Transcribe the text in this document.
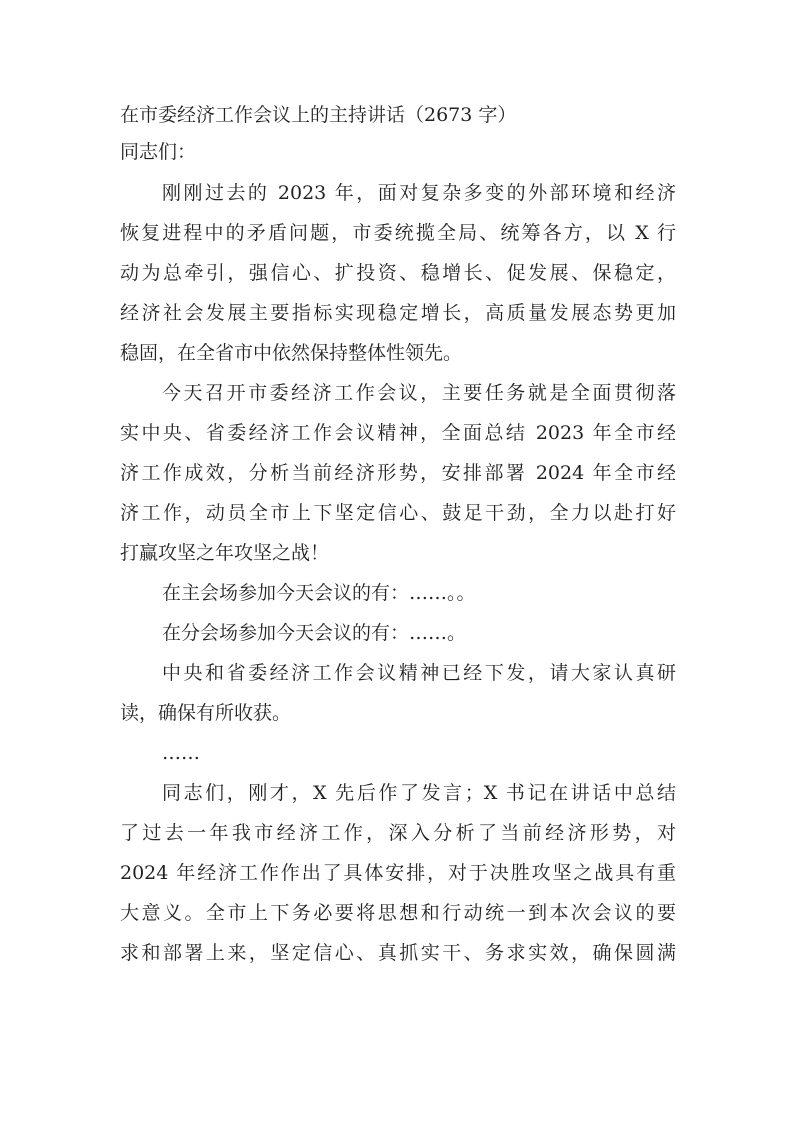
在市委经济工作会议上的主持讲话（2673 字）
同志们：
刚刚过去的 2023 年，面对复杂多变的外部环境和经济
恢复进程中的矛盾问题，市委统揽全局、统筹各方，以 X 行
动为总牵引，强信心、扩投资、稳增长、促发展、保稳定，
经济社会发展主要指标实现稳定增长，高质量发展态势更加
稳固，在全省市中依然保持整体性领先。
今天召开市委经济工作会议，主要任务就是全面贯彻落
实中央、省委经济工作会议精神，全面总结 2023 年全市经
济工作成效，分析当前经济形势，安排部署 2024 年全市经
济工作，动员全市上下坚定信心、鼓足干劲，全力以赴打好
打赢攻坚之年攻坚之战！
在主会场参加今天会议的有：……。。
在分会场参加今天会议的有：……。
中央和省委经济工作会议精神已经下发，请大家认真研
读，确保有所收获。
……
同志们，刚才，X 先后作了发言；X 书记在讲话中总结
了过去一年我市经济工作，深入分析了当前经济形势，对
2024 年经济工作作出了具体安排，对于决胜攻坚之战具有重
大意义。全市上下务必要将思想和行动统一到本次会议的要
求和部署上来，坚定信心、真抓实干、务求实效，确保圆满
